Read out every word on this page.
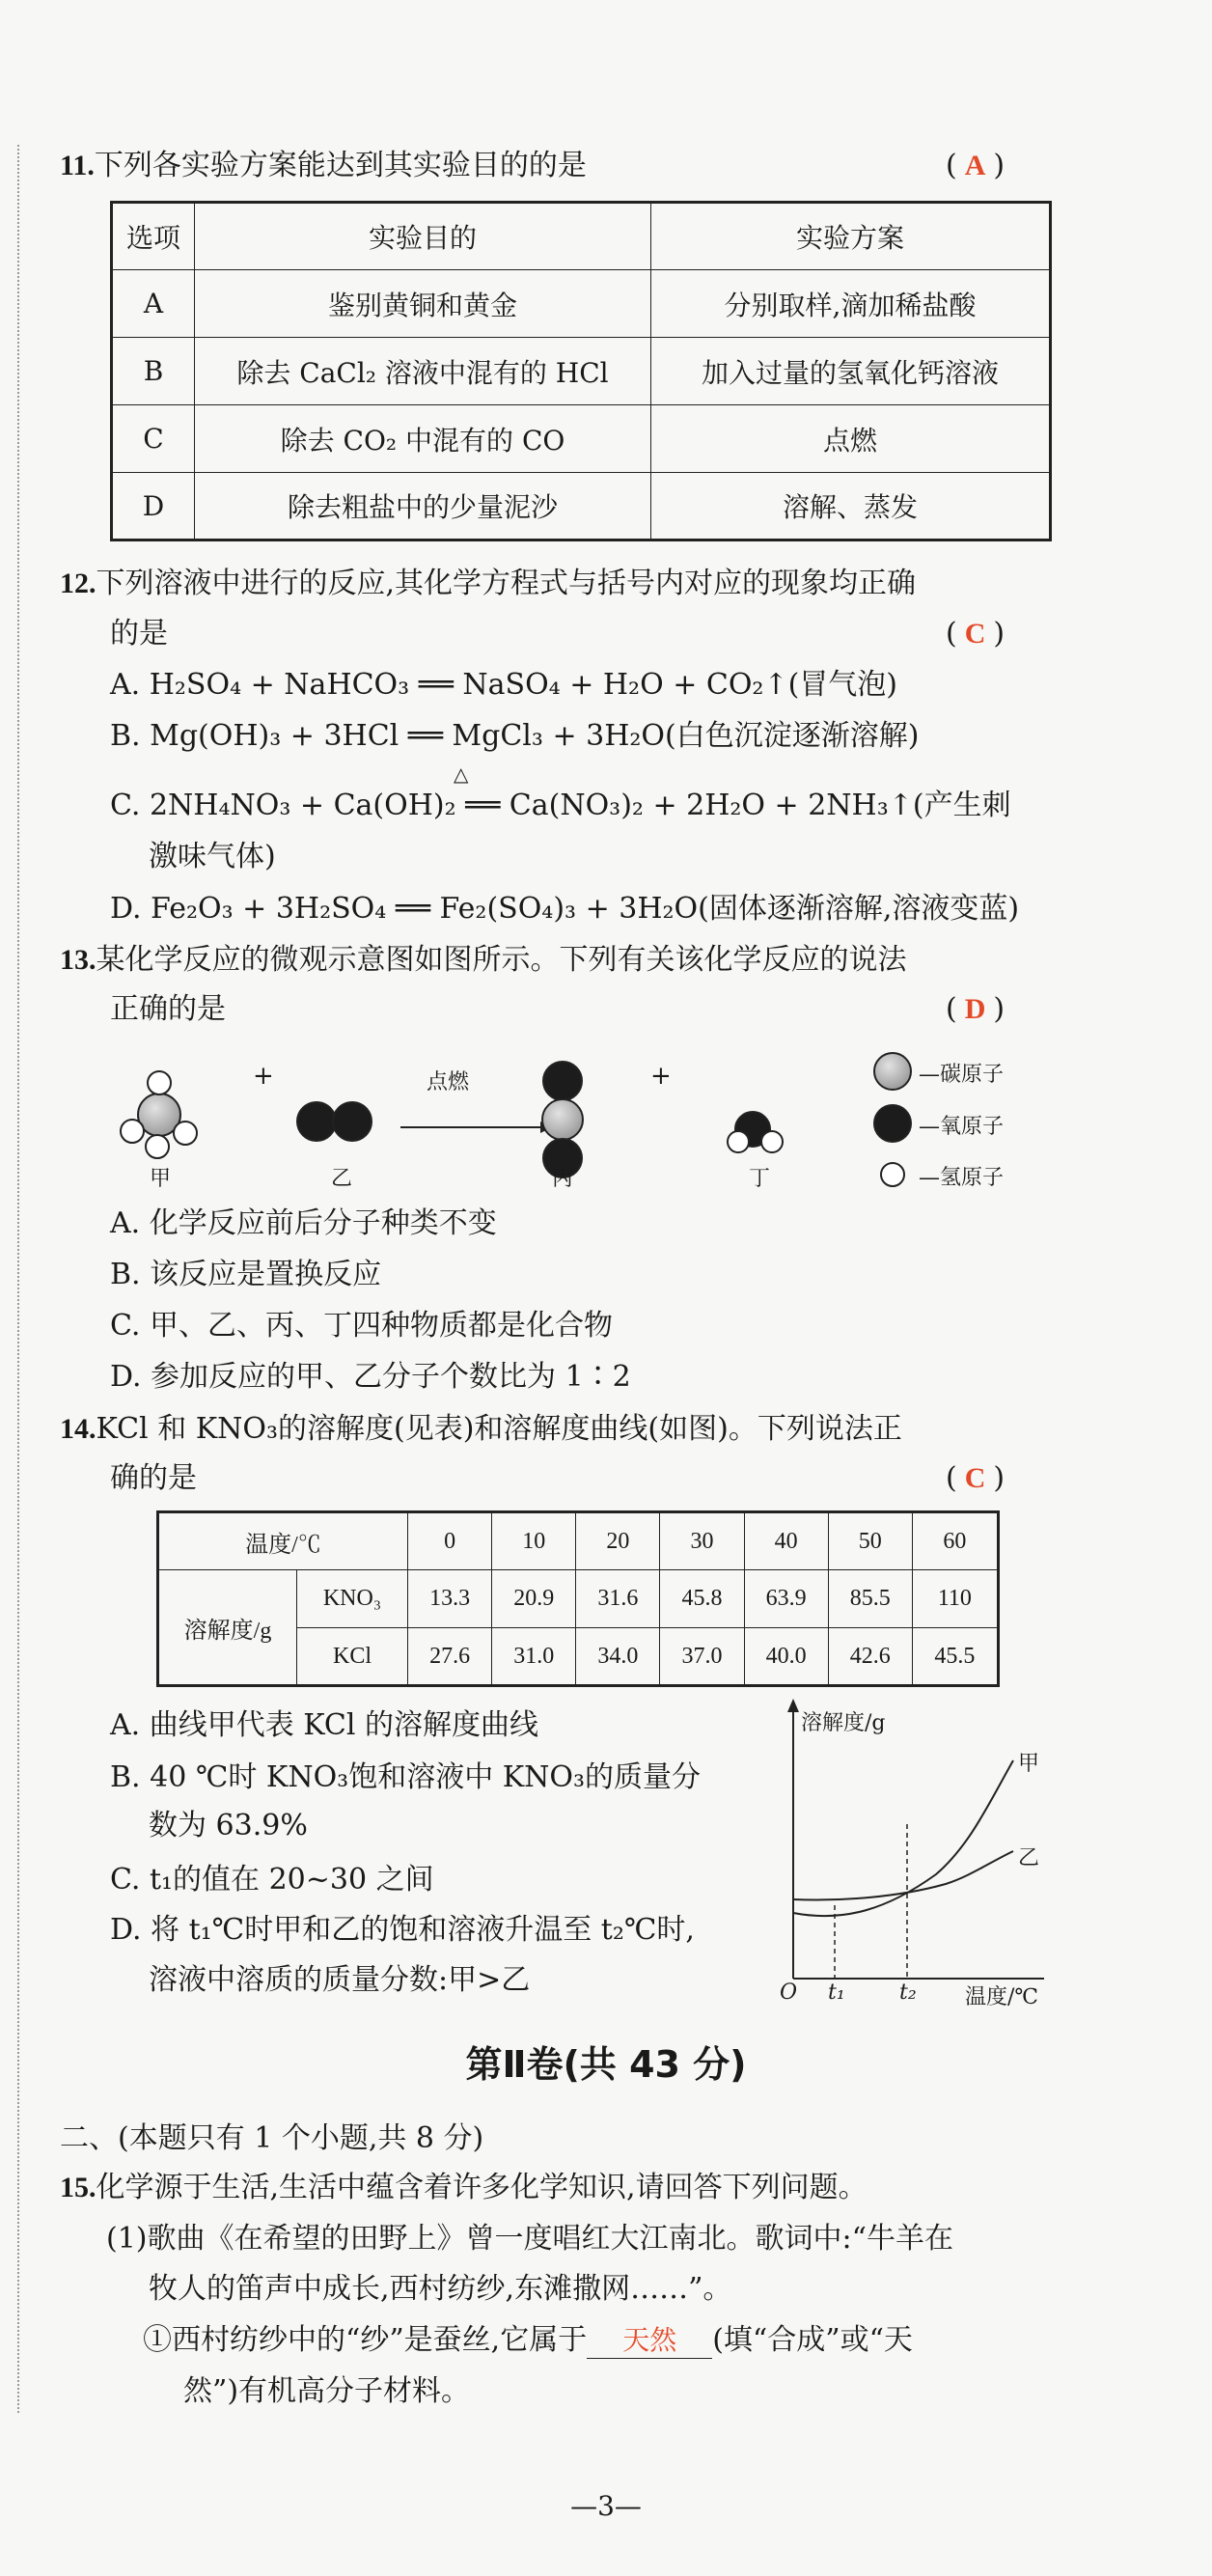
11.下列各实验方案能达到其实验目的的是	( A )
选项	实验目的	实验方案
A	鉴别黄铜和黄金	分别取样,滴加稀盐酸
B	除去 CaCl₂ 溶液中混有的 HCl	加入过量的氢氧化钙溶液
C	除去 CO₂ 中混有的 CO	点燃
D	除去粗盐中的少量泥沙	溶解、蒸发
12.下列溶液中进行的反应,其化学方程式与括号内对应的现象均正确
的是	( C )
A. H₂SO₄ + NaHCO₃ ══ NaSO₄ + H₂O + CO₂↑(冒气泡)
B. Mg(OH)₃ + 3HCl ══ MgCl₃ + 3H₂O(白色沉淀逐渐溶解)
△
C. 2NH₄NO₃ + Ca(OH)₂ ══ Ca(NO₃)₂ + 2H₂O + 2NH₃↑(产生刺
激味气体)
D. Fe₂O₃ + 3H₂SO₄ ══ Fe₂(SO₄)₃ + 3H₂O(固体逐渐溶解,溶液变蓝)
13.某化学反应的微观示意图如图所示。下列有关该化学反应的说法
正确的是	( D )
+	+
点燃	—碳原子
—氧原子
—氢原子
甲	乙	丙	丁
A. 化学反应前后分子种类不变
B. 该反应是置换反应
C. 甲、乙、丙、丁四种物质都是化合物
D. 参加反应的甲、乙分子个数比为 1∶2
14.KCl 和 KNO₃的溶解度(见表)和溶解度曲线(如图)。下列说法正
确的是	( C )
温度/℃		0	10	20	30	40	50	60
溶解度/g	KNO₃	13.3	20.9	31.6	45.8	63.9	85.5	110
	KCl	27.6	31.0	34.0	37.0	40.0	42.6	45.5
A. 曲线甲代表 KCl 的溶解度曲线
B. 40 ℃时 KNO₃饱和溶液中 KNO₃的质量分
数为 63.9%
C. t₁的值在 20~30 之间
D. 将 t₁℃时甲和乙的饱和溶液升温至 t₂℃时,
溶液中溶质的质量分数:甲>乙
溶解度/g
甲
乙
O t₁	t₂ 温度/℃
第Ⅱ卷(共 43 分)
二、(本题只有 1 个小题,共 8 分)
15.化学源于生活,生活中蕴含着许多化学知识,请回答下列问题。
(1)歌曲《在希望的田野上》曾一度唱红大江南北。歌词中:“牛羊在
牧人的笛声中成长,西村纺纱,东滩撒网……”。
①西村纺纱中的“纱”是蚕丝,它属于 天然 (填“合成”或“天
然”)有机高分子材料。
—3—
